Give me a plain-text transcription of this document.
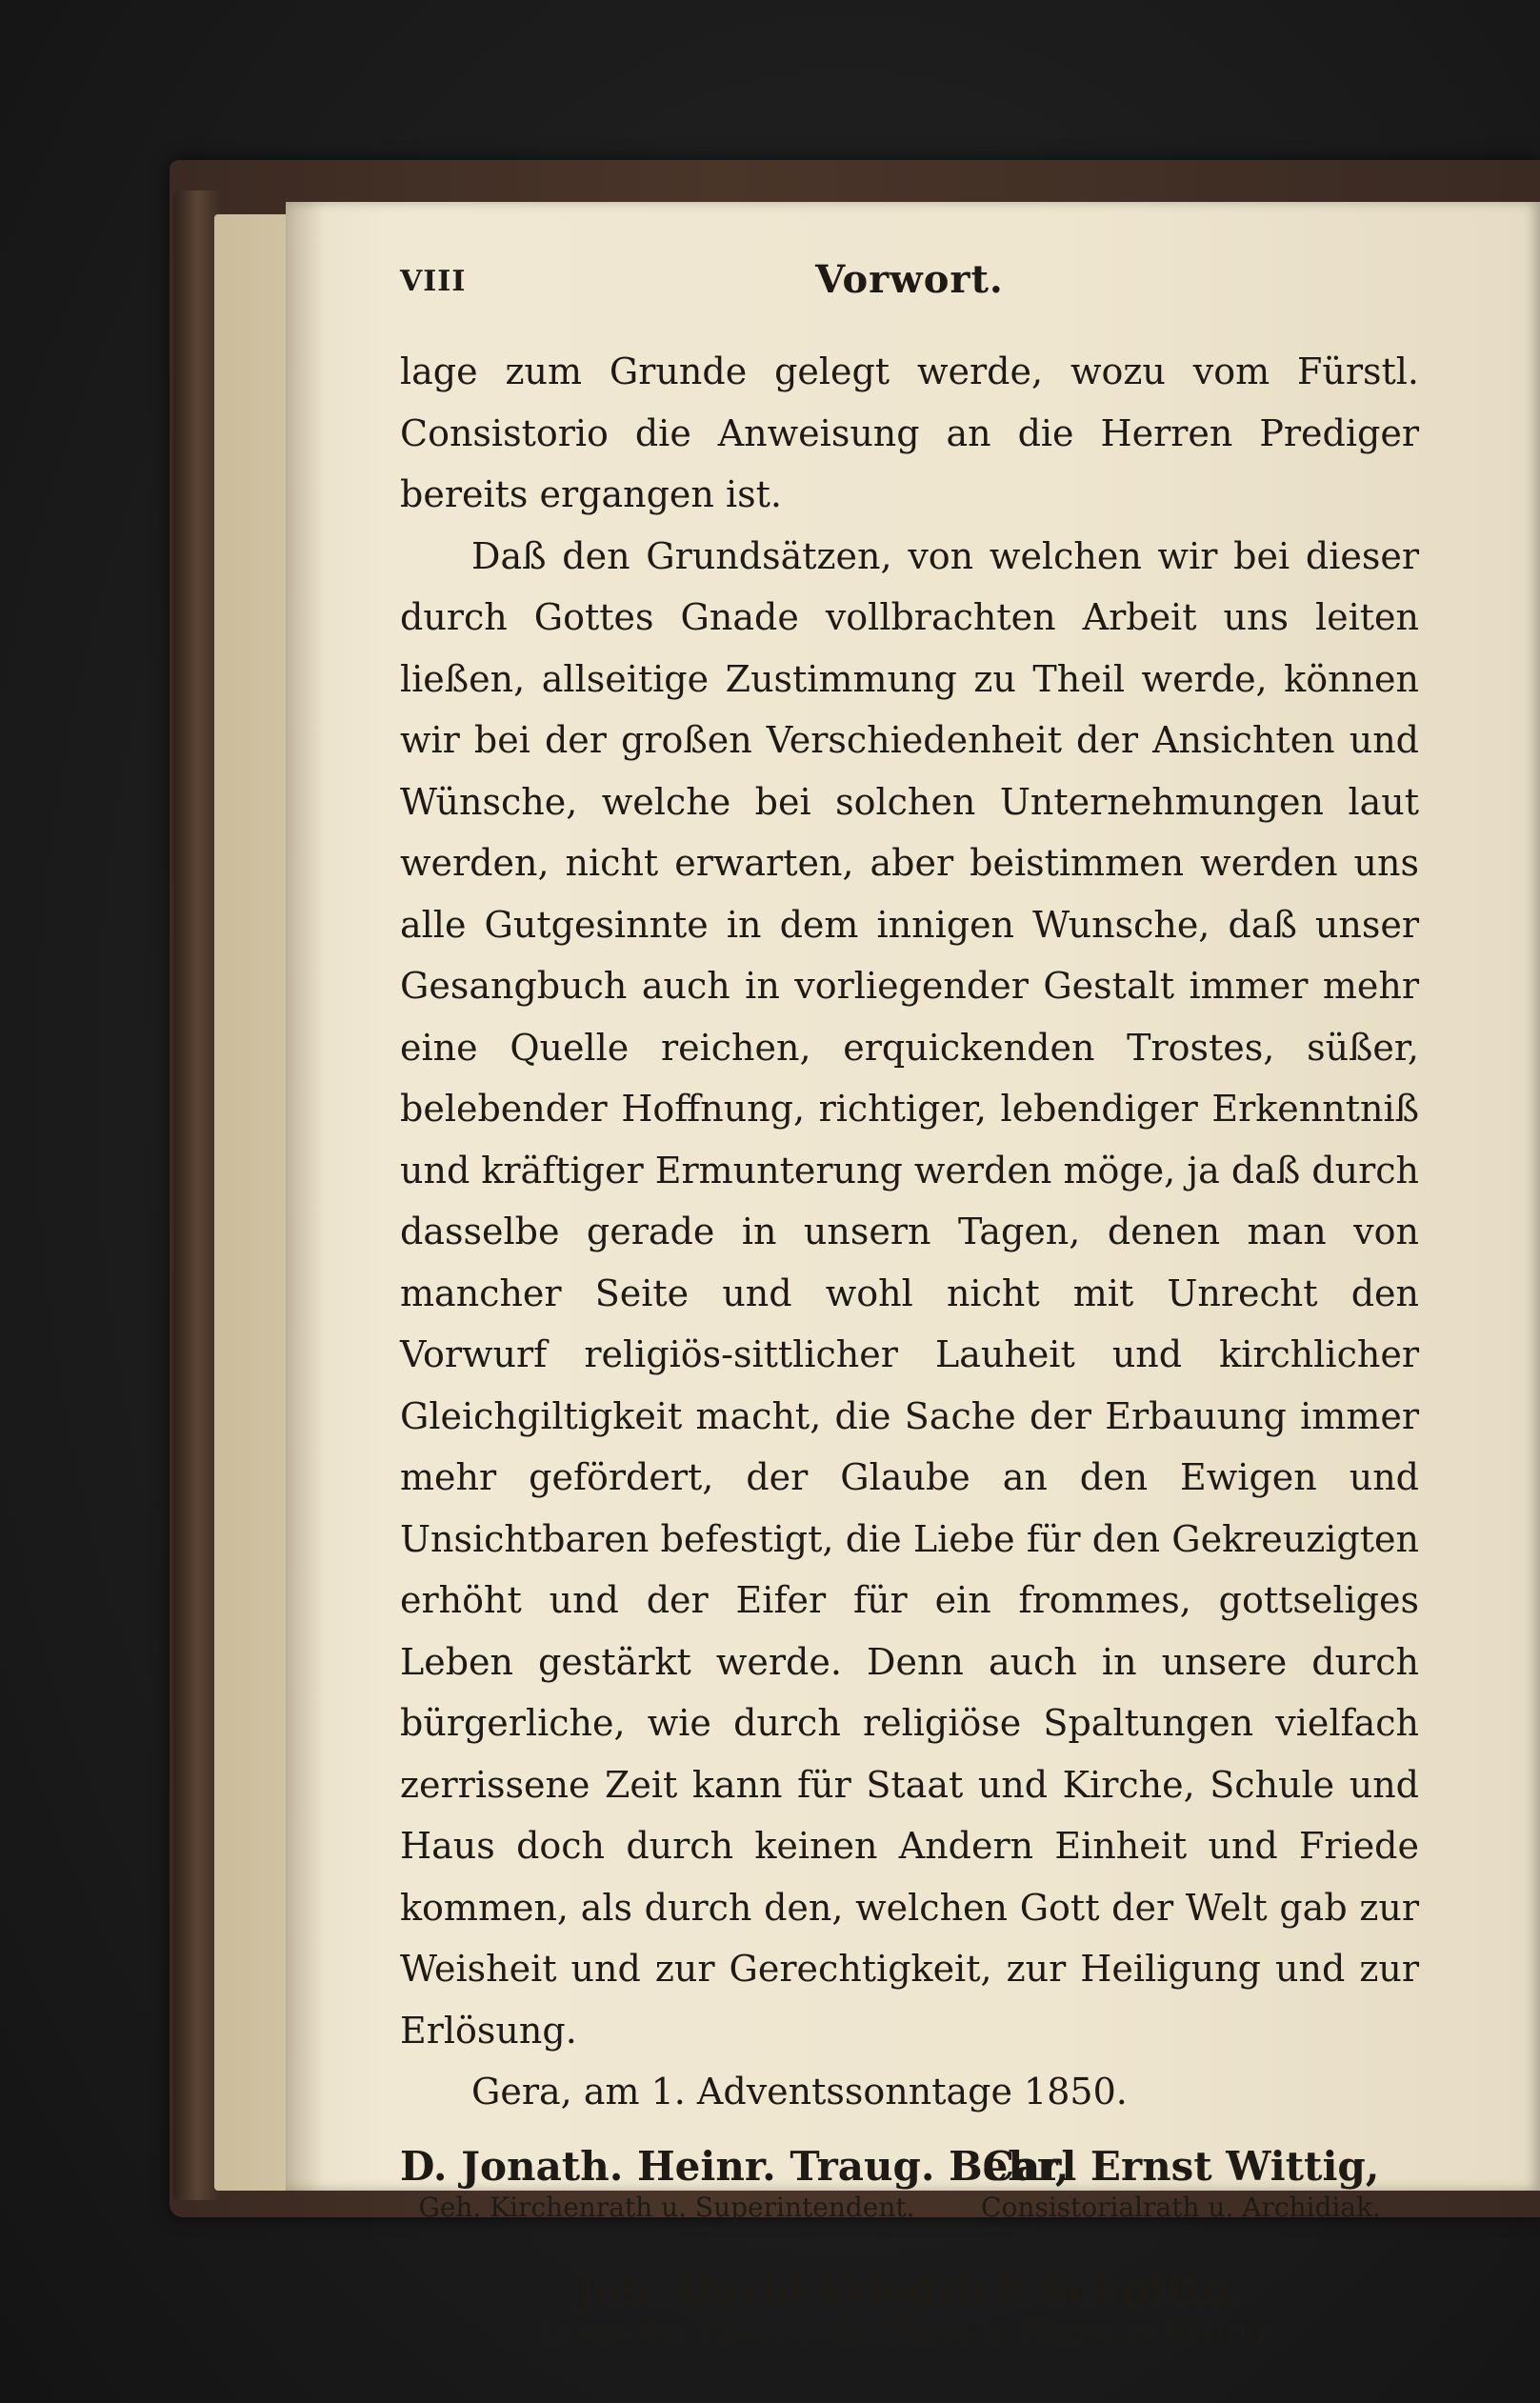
VIII	Vorwort.

lage zum Grunde gelegt werde, wozu vom Fürstl. Consistorio die Anweisung an die Herren Prediger bereits ergangen ist.

Daß den Grundsätzen, von welchen wir bei dieser durch Gottes Gnade vollbrachten Arbeit uns leiten ließen, allseitige Zustimmung zu Theil werde, können wir bei der großen Verschiedenheit der Ansichten und Wünsche, welche bei solchen Unternehmungen laut werden, nicht erwarten, aber beistimmen werden uns alle Gutgesinnte in dem innigen Wunsche, daß unser Gesangbuch auch in vorliegender Gestalt immer mehr eine Quelle reichen, erquickenden Trostes, süßer, belebender Hoffnung, richtiger, lebendiger Erkenntniß und kräftiger Ermunterung werden möge, ja daß durch dasselbe gerade in unsern Tagen, denen man von mancher Seite und wohl nicht mit Unrecht den Vorwurf religiös-sittlicher Lauheit und kirchlicher Gleichgiltigkeit macht, die Sache der Erbauung immer mehr gefördert, der Glaube an den Ewigen und Unsichtbaren befestigt, die Liebe für den Gekreuzigten erhöht und der Eifer für ein frommes, gottseliges Leben gestärkt werde. Denn auch in unsere durch bürgerliche, wie durch religiöse Spaltungen vielfach zerrissene Zeit kann für Staat und Kirche, Schule und Haus doch durch keinen Andern Einheit und Friede kommen, als durch den, welchen Gott der Welt gab zur Weisheit und zur Gerechtigkeit, zur Heiligung und zur Erlösung.

Gera, am 1. Adventssonntage 1850.
D. Jonath. Heinr. Traug. Behr,
Geh. Kirchenrath u. Superintendent.
Carl Ernst Wittig,
Consistorialrath u. Archidiak.
Joh. David Friedrich Schottin,
Licent. der Theol., D. der Philos. u. Pfarrer zu Köstritz.
